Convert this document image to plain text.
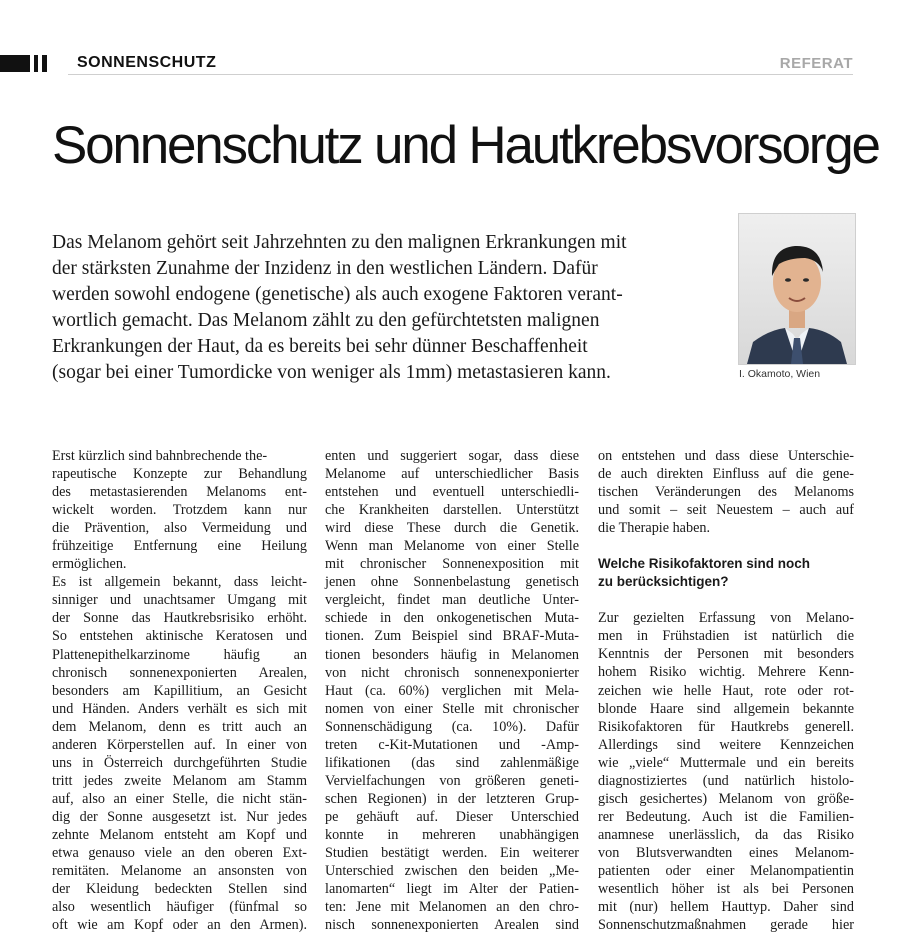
SONNENSCHUTZ	REFERAT
Sonnenschutz und Hautkrebsvorsorge
Das Melanom gehört seit Jahrzehnten zu den malignen Erkrankungen mit
der stärksten Zunahme der Inzidenz in den westlichen Ländern. Dafür
werden sowohl endogene (genetische) als auch exogene Faktoren verant-
wortlich gemacht. Das Melanom zählt zu den gefürchtetsten malignen
Erkrankungen der Haut, da es bereits bei sehr dünner Beschaffenheit
(sogar bei einer Tumordicke von weniger als 1mm) metastasieren kann.	I. Okamoto, Wien
Erst kürzlich sind bahnbrechende the-
rapeutische Konzepte zur Behandlung
des metastasierenden Melanoms ent-
wickelt worden. Trotzdem kann nur
die Prävention, also Vermeidung und
frühzeitige Entfernung eine Heilung
ermöglichen.
Es ist allgemein bekannt, dass leicht-
sinniger und unachtsamer Umgang mit
der Sonne das Hautkrebsrisiko erhöht.
So entstehen aktinische Keratosen und
Plattenepithelkarzinome häufig an
chronisch sonnenexponierten Arealen,
besonders am Kapillitium, an Gesicht
und Händen. Anders verhält es sich mit
dem Melanom, denn es tritt auch an
anderen Körperstellen auf. In einer von
uns in Österreich durchgeführten Studie
tritt jedes zweite Melanom am Stamm
auf, also an einer Stelle, die nicht stän-
dig der Sonne ausgesetzt ist. Nur jedes
zehnte Melanom entsteht am Kopf und
etwa genauso viele an den oberen Ext-
remitäten. Melanome an ansonsten von
der Kleidung bedeckten Stellen sind
also wesentlich häufiger (fünfmal so
oft wie am Kopf oder an den Armen).
enten und suggeriert sogar, dass diese
Melanome auf unterschiedlicher Basis
entstehen und eventuell unterschiedli-
che Krankheiten darstellen. Unterstützt
wird diese These durch die Genetik.
Wenn man Melanome von einer Stelle
mit chronischer Sonnenexposition mit
jenen ohne Sonnenbelastung genetisch
vergleicht, findet man deutliche Unter-
schiede in den onkogenetischen Muta-
tionen. Zum Beispiel sind BRAF-Muta-
tionen besonders häufig in Melanomen
von nicht chronisch sonnenexponierter
Haut (ca. 60%) verglichen mit Mela-
nomen von einer Stelle mit chronischer
Sonnenschädigung (ca. 10%). Dafür
treten c-Kit-Mutationen und -Amp-
lifikationen (das sind zahlenmäßige
Vervielfachungen von größeren geneti-
schen Regionen) in der letzteren Grup-
pe gehäuft auf. Dieser Unterschied
konnte in mehreren unabhängigen
Studien bestätigt werden. Ein weiterer
Unterschied zwischen den beiden „Me-
lanomarten“ liegt im Alter der Patien-
ten: Jene mit Melanomen an den chro-
nisch sonnenexponierten Arealen sind
on entstehen und dass diese Unterschie-
de auch direkten Einfluss auf die gene-
tischen Veränderungen des Melanoms
und somit – seit Neuestem – auch auf
die Therapie haben.
Welche Risikofaktoren sind noch
zu berücksichtigen?
Zur gezielten Erfassung von Melano-
men in Frühstadien ist natürlich die
Kenntnis der Personen mit besonders
hohem Risiko wichtig. Mehrere Kenn-
zeichen wie helle Haut, rote oder rot-
blonde Haare sind allgemein bekannte
Risikofaktoren für Hautkrebs generell.
Allerdings sind weitere Kennzeichen
wie „viele“ Muttermale und ein bereits
diagnostiziertes (und natürlich histolo-
gisch gesichertes) Melanom von größe-
rer Bedeutung. Auch ist die Familien-
anamnese unerlässlich, da das Risiko
von Blutsverwandten eines Melanom-
patienten oder einer Melanompatientin
wesentlich höher ist als bei Personen
mit (nur) hellem Hauttyp. Daher sind
Sonnenschutzmaßnahmen gerade hier
